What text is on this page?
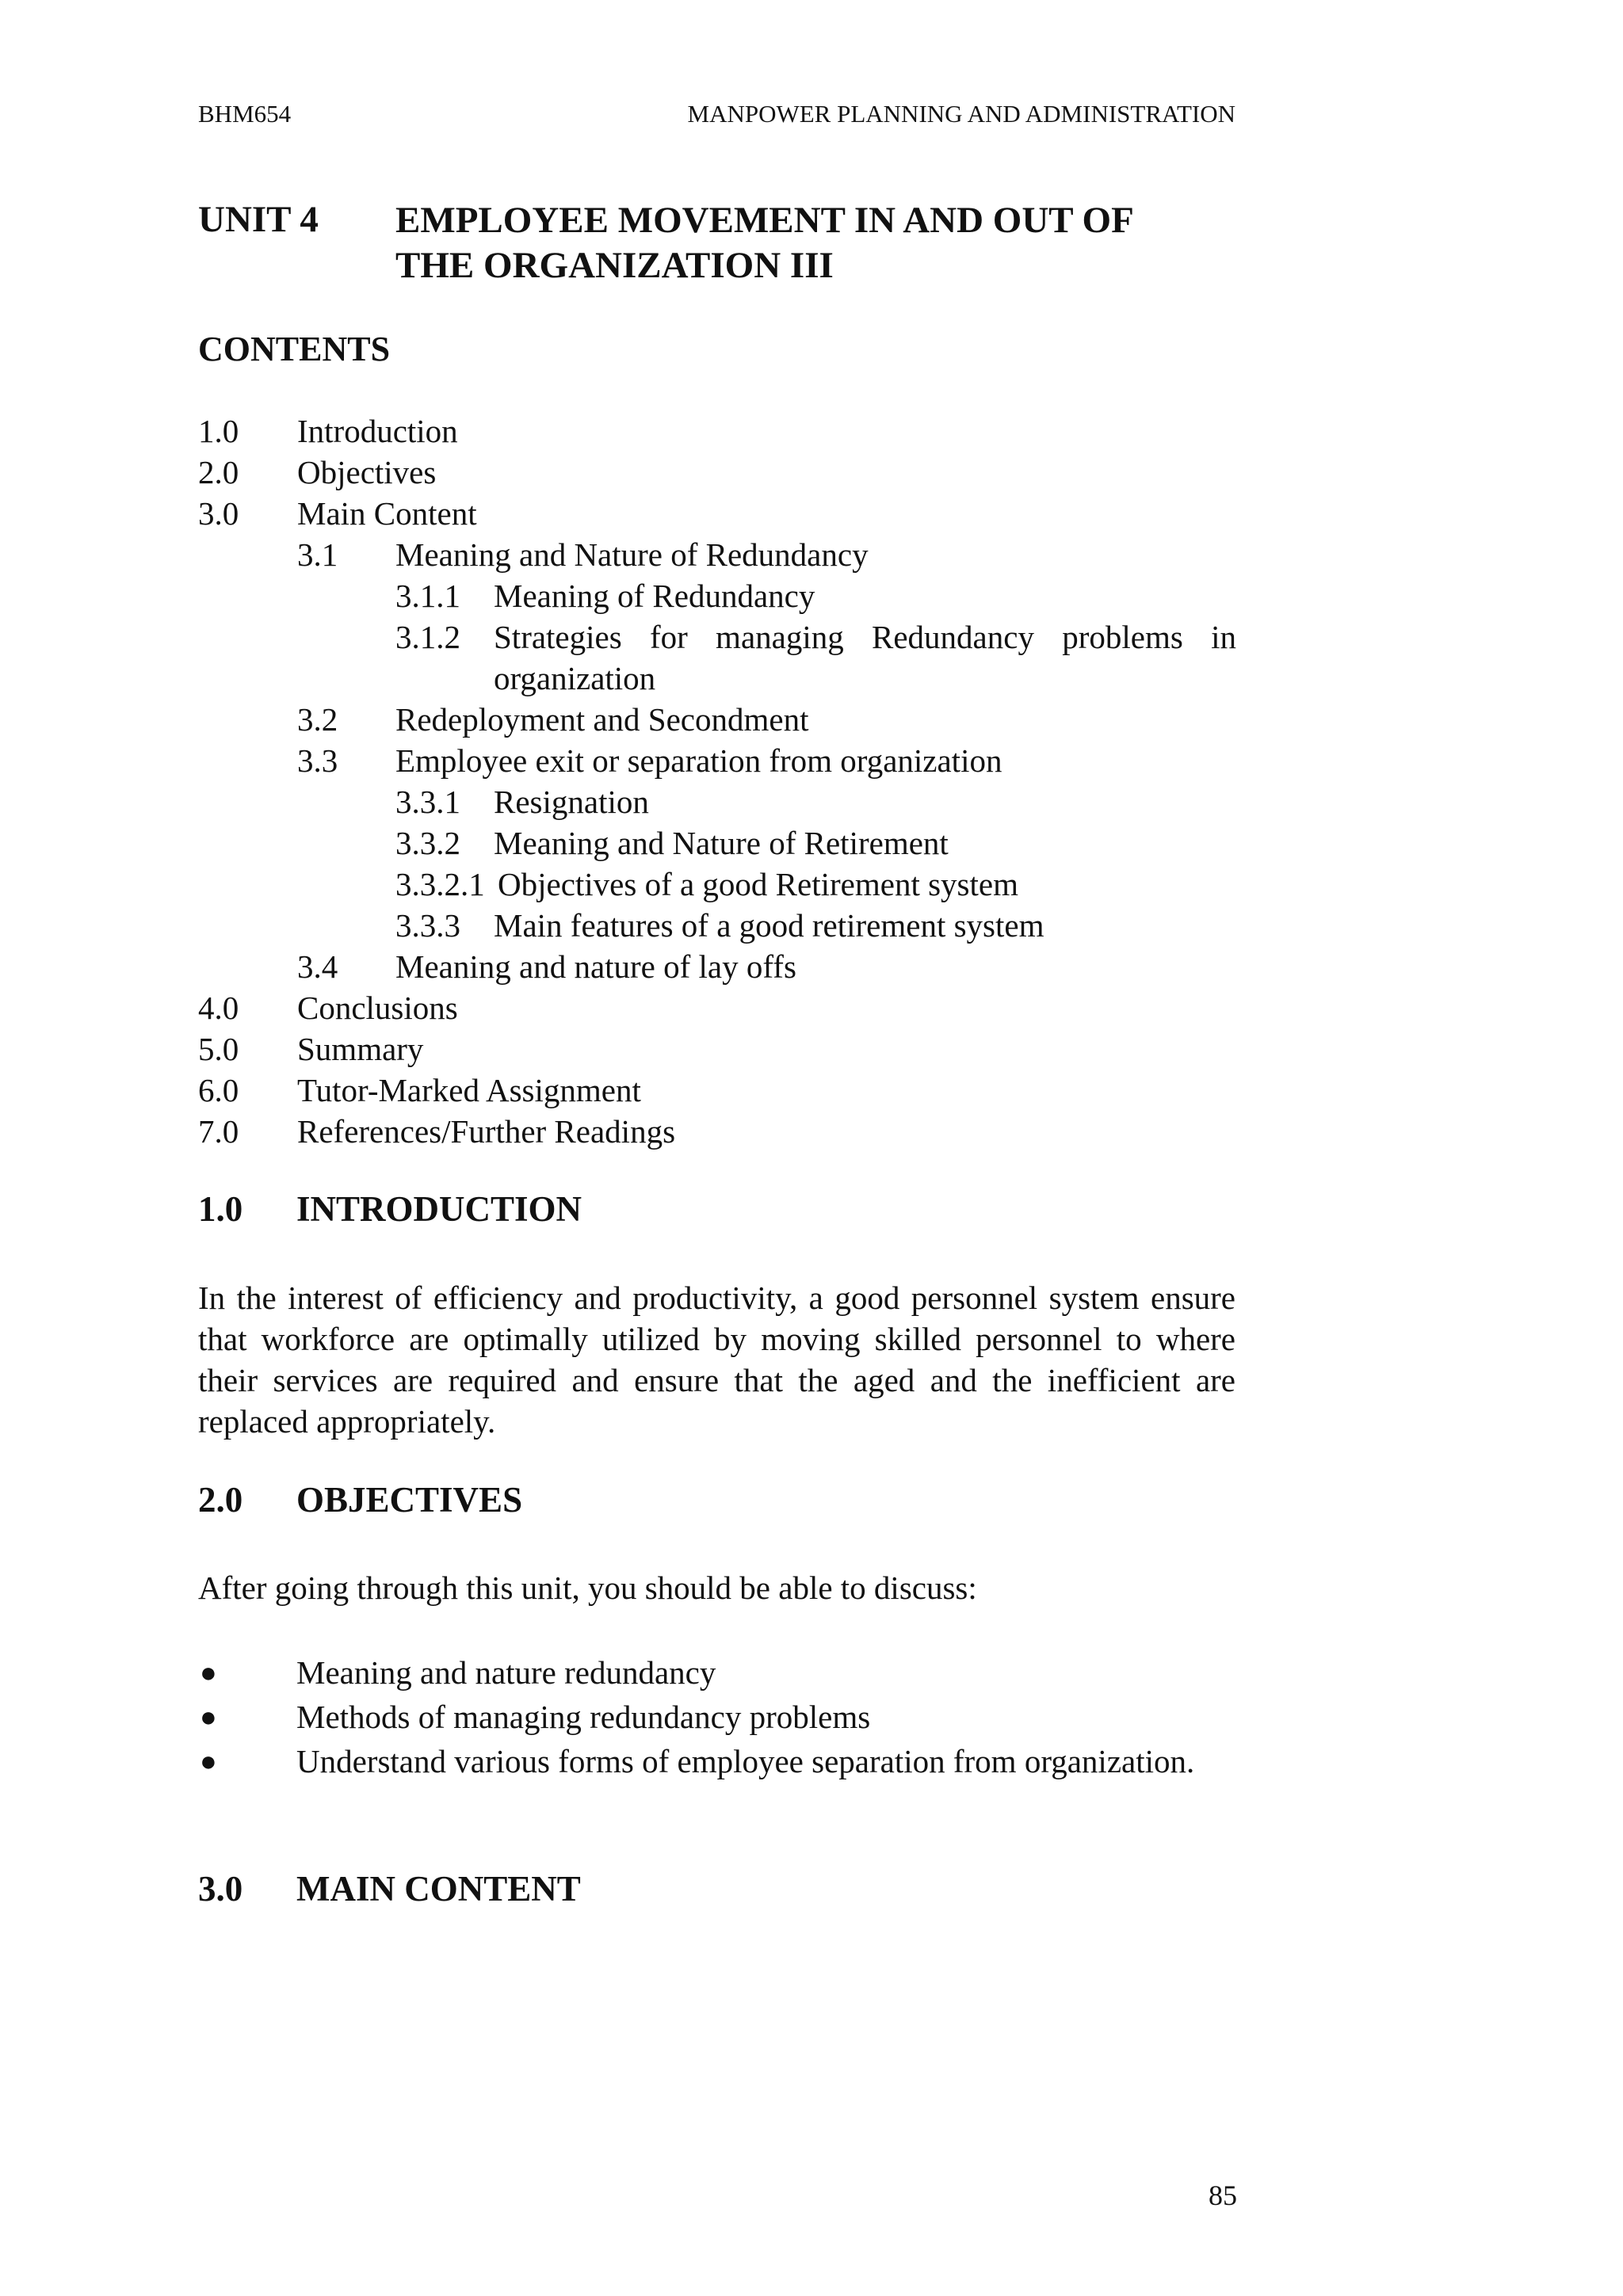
BHM654	MANPOWER PLANNING AND ADMINISTRATION
UNIT 4 EMPLOYEE MOVEMENT IN AND OUT OF
THE ORGANIZATION III
CONTENTS
1.0 Introduction
2.0 Objectives
3.0 Main Content
3.1 Meaning and Nature of Redundancy
3.1.1 Meaning of Redundancy
3.1.2 Strategies for managing Redundancy problems in
organization
3.2 Redeployment and Secondment
3.3 Employee exit or separation from organization
3.3.1 Resignation
3.3.2 Meaning and Nature of Retirement
3.3.2.1 Objectives of a good Retirement system
3.3.3 Main features of a good retirement system
3.4 Meaning and nature of lay offs
4.0 Conclusions
5.0 Summary
6.0 Tutor-Marked Assignment
7.0 References/Further Readings
1.0 INTRODUCTION
In the interest of efficiency and productivity, a good personnel system ensure that workforce are optimally utilized by moving skilled personnel to where their services are required and ensure that the aged and the inefficient are replaced appropriately.
2.0 OBJECTIVES
After going through this unit, you should be able to discuss:
● Meaning and nature redundancy
● Methods of managing redundancy problems
● Understand various forms of employee separation from organization.
3.0 MAIN CONTENT
85
